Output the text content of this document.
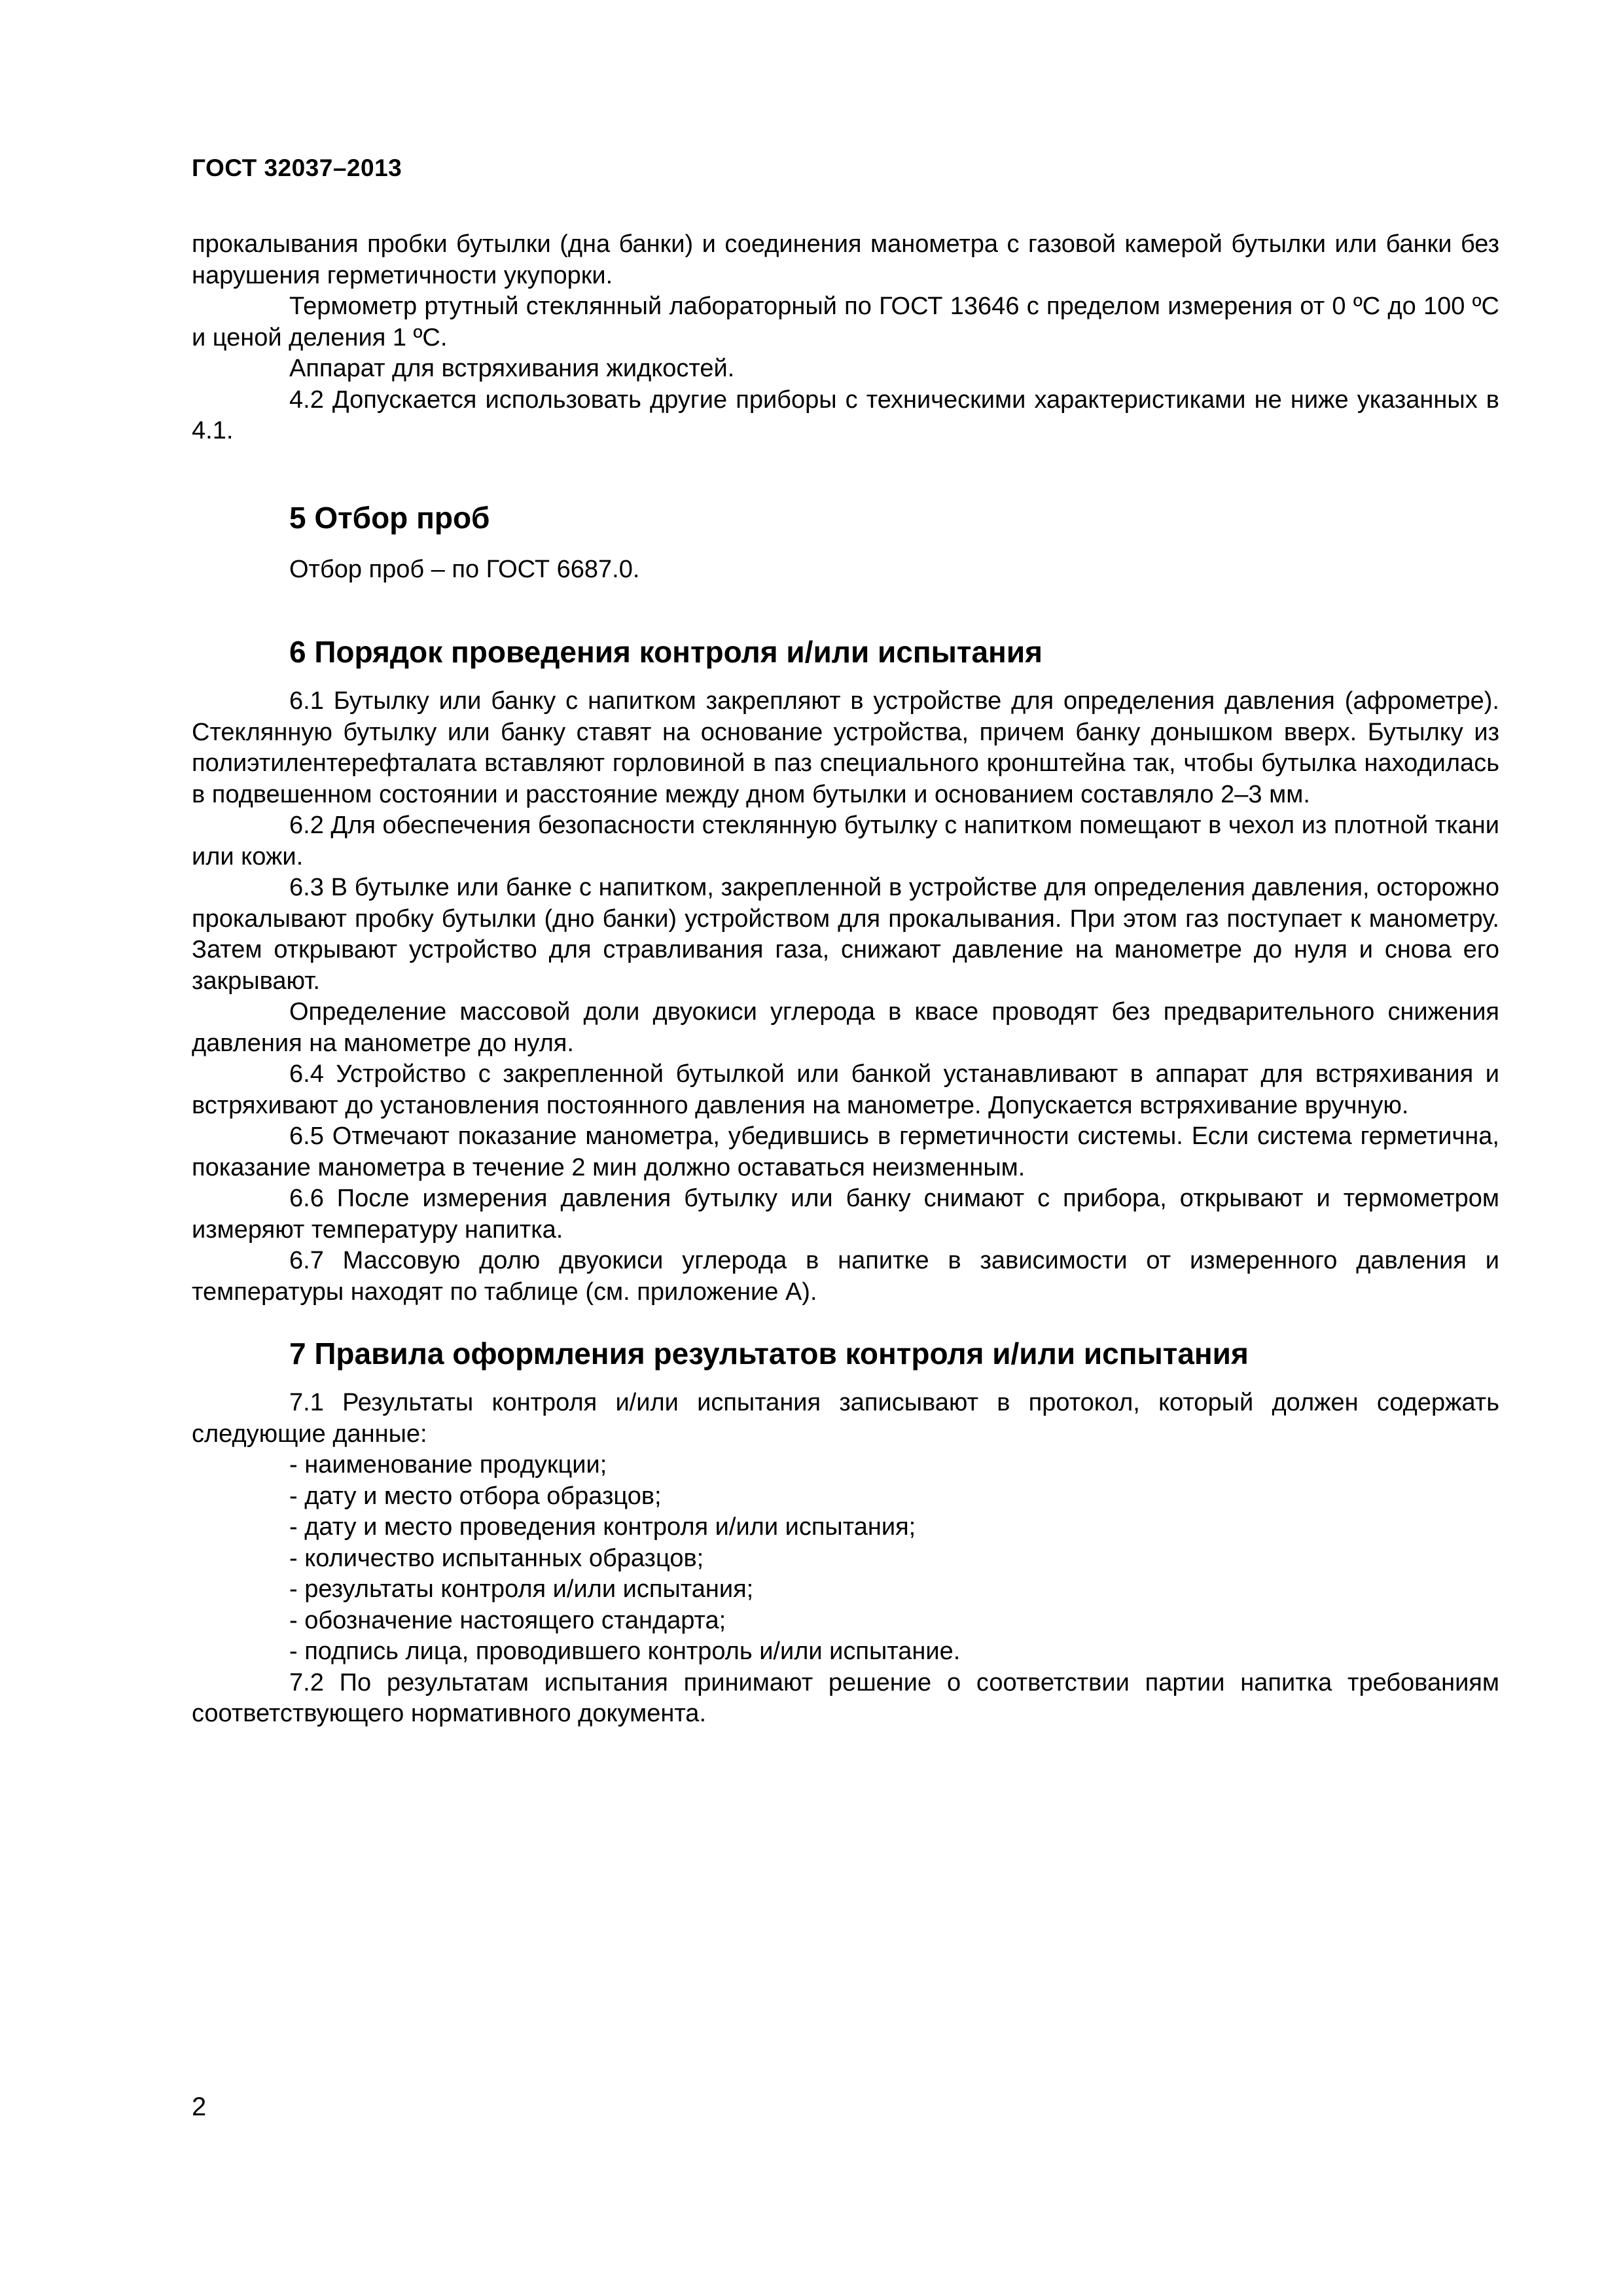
ГОСТ 32037–2013

прокалывания пробки бутылки (дна банки) и соединения манометра с газовой камерой бутылки или банки без нарушения герметичности укупорки.

Термометр ртутный стеклянный лабораторный по ГОСТ 13646 с пределом измерения от 0 ºС до 100 ºС и ценой деления 1 ºС.

Аппарат для встряхивания жидкостей.

4.2 Допускается использовать другие приборы с техническими характеристиками не ниже указанных в 4.1.

5 Отбор проб

Отбор проб – по ГОСТ 6687.0.

6 Порядок проведения контроля и/или испытания

6.1 Бутылку или банку с напитком закрепляют в устройстве для определения давления (афрометре). Стеклянную бутылку или банку ставят на основание устройства, причем банку донышком вверх. Бутылку из полиэтилентерефталата вставляют горловиной в паз специального кронштейна так, чтобы бутылка находилась в подвешенном состоянии и расстояние между дном бутылки и основанием составляло 2–3 мм.

6.2 Для обеспечения безопасности стеклянную бутылку с напитком помещают в чехол из плотной ткани или кожи.

6.3 В бутылке или банке с напитком, закрепленной в устройстве для определения давления, осторожно прокалывают пробку бутылки (дно банки) устройством для прокалывания. При этом газ поступает к манометру. Затем открывают устройство для стравливания газа, снижают давление на манометре до нуля и снова его закрывают.

Определение массовой доли двуокиси углерода в квасе проводят без предварительного снижения давления на манометре до нуля.

6.4 Устройство с закрепленной бутылкой или банкой устанавливают в аппарат для встряхивания и встряхивают до установления постоянного давления на манометре. Допускается встряхивание вручную.

6.5 Отмечают показание манометра, убедившись в герметичности системы. Если система герметична, показание манометра в течение 2 мин должно оставаться неизменным.

6.6 После измерения давления бутылку или банку снимают с прибора, открывают и термометром измеряют температуру напитка.

6.7 Массовую долю двуокиси углерода в напитке в зависимости от измеренного давления и температуры находят по таблице (см. приложение А).

7 Правила оформления результатов контроля и/или испытания

7.1 Результаты контроля и/или испытания записывают в протокол, который должен содержать следующие данные:

- наименование продукции;
- дату и место отбора образцов;
- дату и место проведения контроля и/или испытания;
- количество испытанных образцов;
- результаты контроля и/или испытания;
- обозначение настоящего стандарта;
- подпись лица, проводившего контроль и/или испытание.

7.2 По результатам испытания принимают решение о соответствии партии напитка требованиям соответствующего нормативного документа.

2
